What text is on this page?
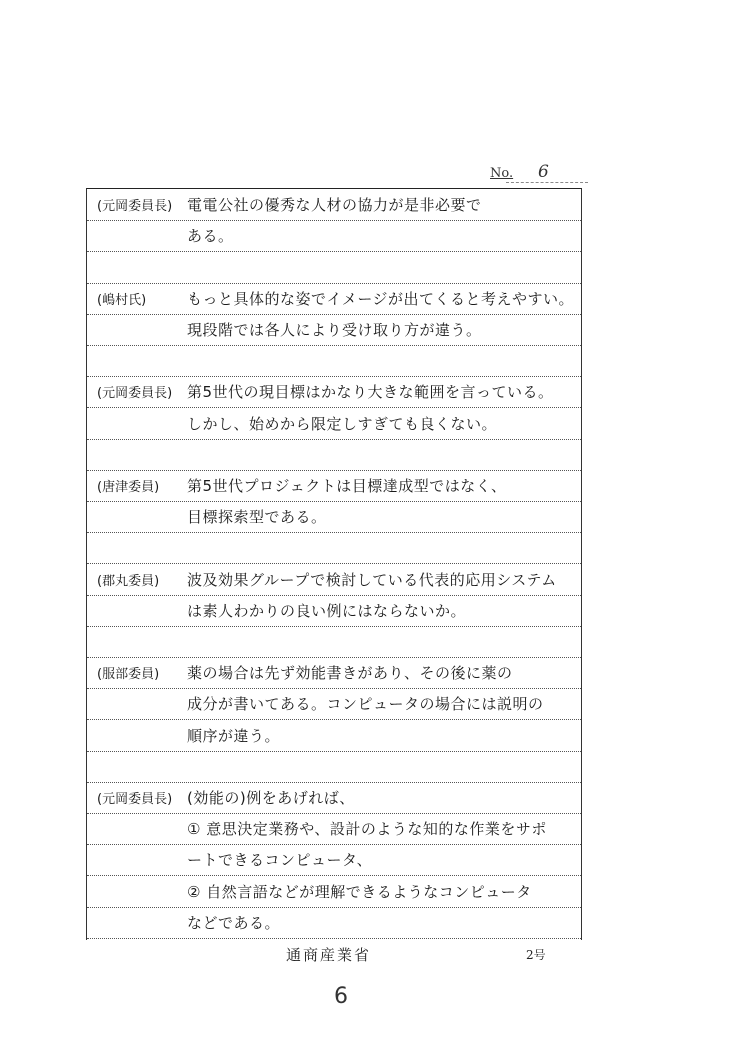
No. 6
(元岡委員長) 電電公社の優秀な人材の協力が是非必要で
ある。
(嶋村氏)	もっと具体的な姿でイメージが出てくると考えやすい。
現段階では各人により受け取り方が違う。
(元岡委員長) 第5世代の現目標はかなり大きな範囲を言っている。
しかし、始めから限定しすぎても良くない。
(唐津委員) 第5世代プロジェクトは目標達成型ではなく、
目標探索型である。
(郡丸委員) 波及効果グループで検討している代表的応用システム
は素人わかりの良い例にはならないか。
(服部委員) 薬の場合は先ず効能書きがあり、その後に薬の
成分が書いてある。コンピュータの場合には説明の
順序が違う。
(元岡委員長) (効能の)例をあげれば、
① 意思決定業務や、設計のような知的な作業をサポ
ートできるコンピュータ、
② 自然言語などが理解できるようなコンピュータ
などである。
通商産業省	2号
6
